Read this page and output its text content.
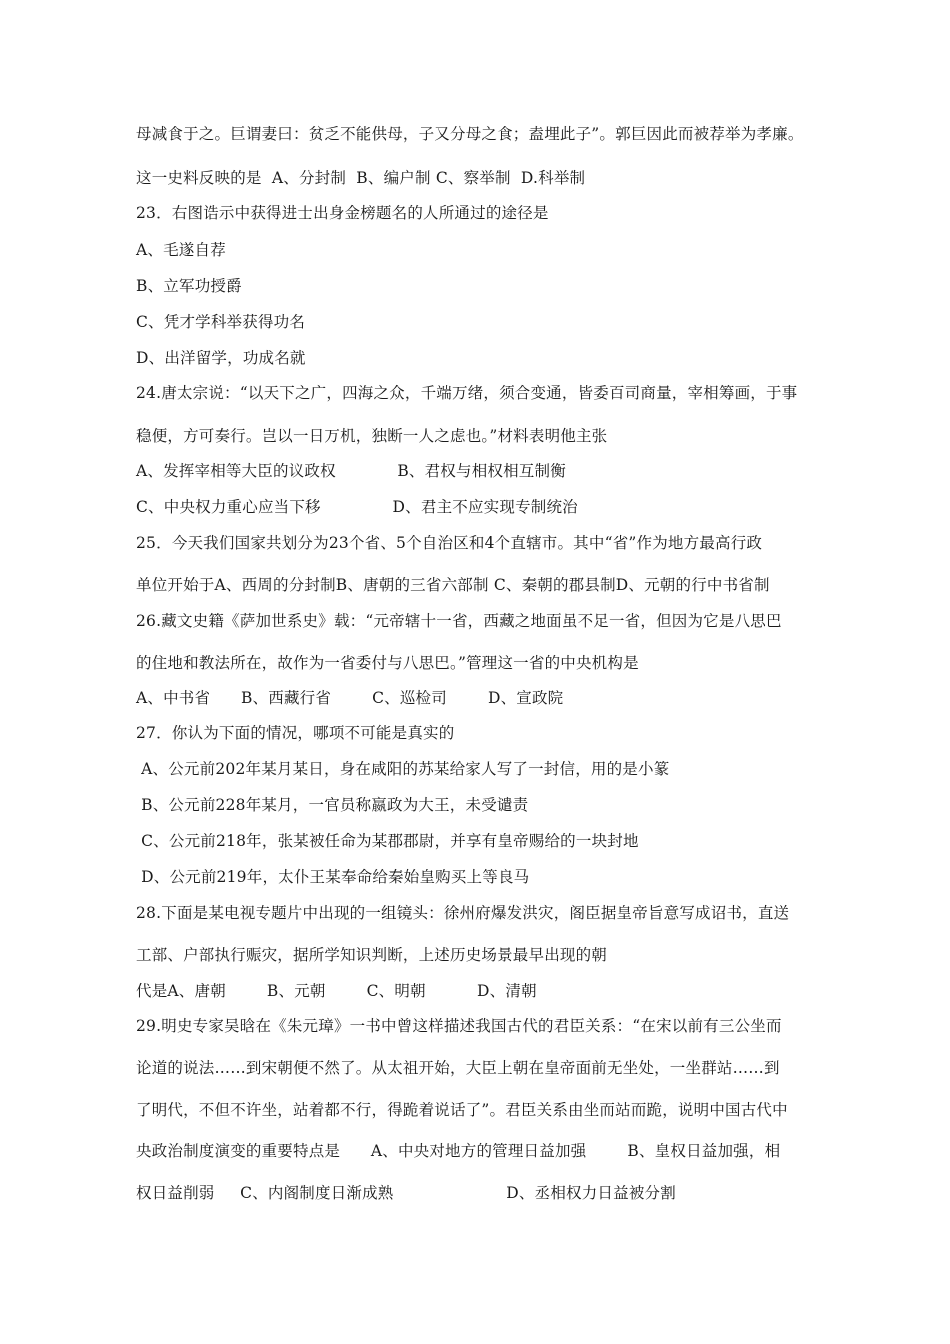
母减食于之。巨谓妻曰：贫乏不能供母，子又分母之食；盍埋此子”。郭巨因此而被荐举为孝廉。
这一史料反映的是  A、分封制  B、编户制 C、察举制  D.科举制
23．右图诰示中获得进士出身金榜题名的人所通过的途径是
A、毛遂自荐
B、立军功授爵
C、凭才学科举获得功名
D、出洋留学，功成名就
24.唐太宗说：“以天下之广，四海之众，千端万绪，须合变通，皆委百司商量，宰相筹画，于事
稳便，方可奏行。岂以一日万机，独断一人之虑也。”材料表明他主张
A、发挥宰相等大臣的议政权            B、君权与相权相互制衡
C、中央权力重心应当下移              D、君主不应实现专制统治
25．今天我们国家共划分为23个省、5个自治区和4个直辖市。其中“省”作为地方最高行政
单位开始于A、西周的分封制B、唐朝的三省六部制 C、秦朝的郡县制D、元朝的行中书省制
26.藏文史籍《萨加世系史》载：“元帝辖十一省，西藏之地面虽不足一省，但因为它是八思巴
的住地和教法所在，故作为一省委付与八思巴。”管理这一省的中央机构是
A、中书省      B、西藏行省        C、巡检司        D、宣政院
27．你认为下面的情况，哪项不可能是真实的
A、公元前202年某月某日，身在咸阳的苏某给家人写了一封信，用的是小篆
B、公元前228年某月，一官员称嬴政为大王，未受谴责
C、公元前218年，张某被任命为某郡郡尉，并享有皇帝赐给的一块封地
D、公元前219年，太仆王某奉命给秦始皇购买上等良马
28.下面是某电视专题片中出现的一组镜头：徐州府爆发洪灾，阁臣据皇帝旨意写成诏书，直送
工部、户部执行赈灾，据所学知识判断，上述历史场景最早出现的朝
代是A、唐朝        B、元朝        C、明朝          D、清朝
29.明史专家吴晗在《朱元璋》一书中曾这样描述我国古代的君臣关系：“在宋以前有三公坐而
论道的说法……到宋朝便不然了。从太祖开始，大臣上朝在皇帝面前无坐处，一坐群站……到
了明代，不但不许坐，站着都不行，得跪着说话了”。君臣关系由坐而站而跪，说明中国古代中
央政治制度演变的重要特点是      A、中央对地方的管理日益加强        B、皇权日益加强，相
权日益削弱     C、内阁制度日渐成熟                      D、丞相权力日益被分割
